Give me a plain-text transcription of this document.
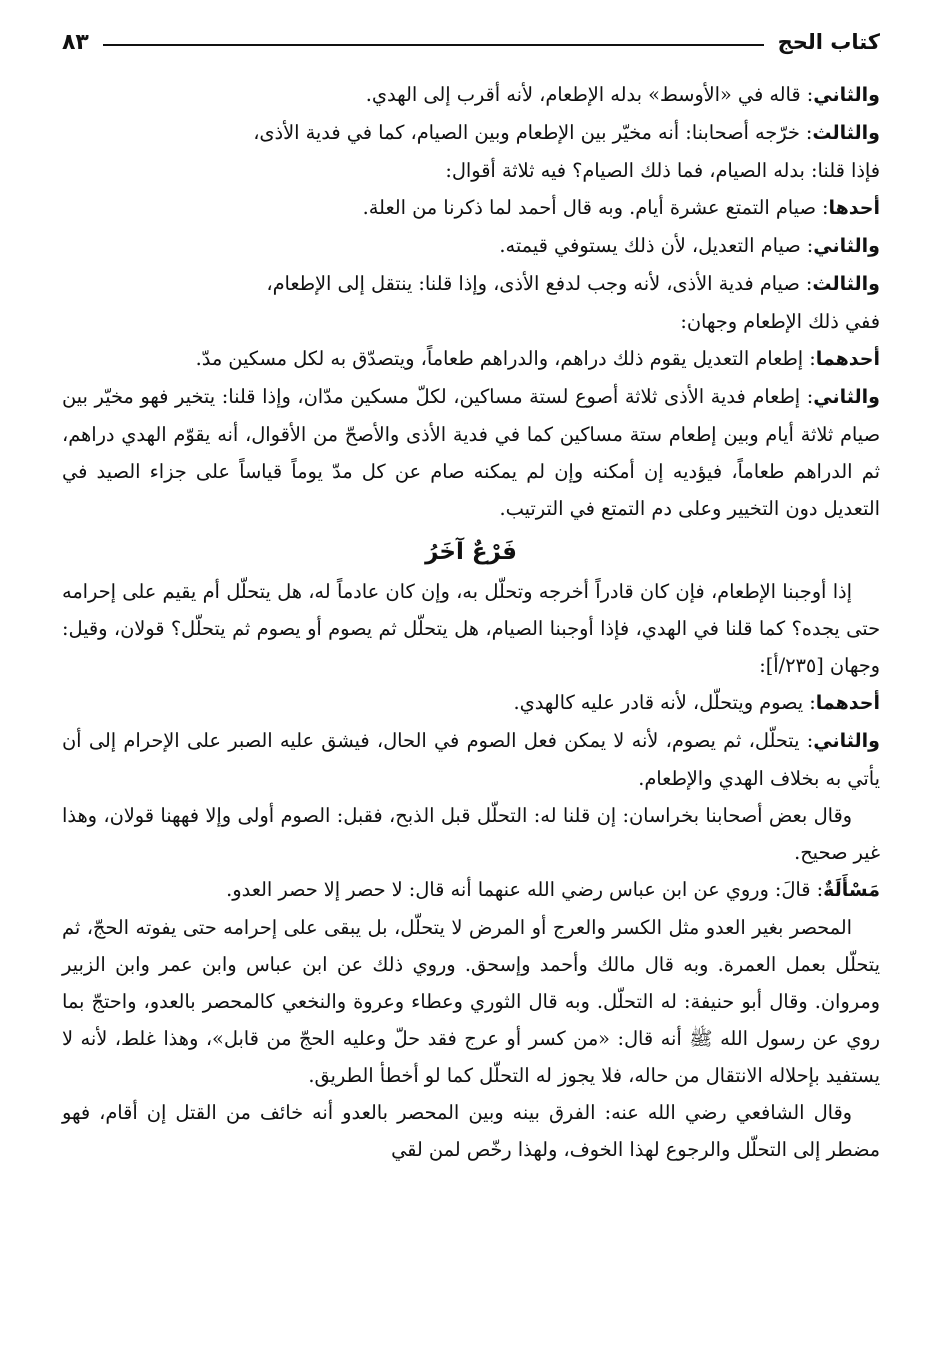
كتاب الحج
٨٣

والثاني: قاله في «الأوسط» بدله الإطعام، لأنه أقرب إلى الهدي.

والثالث: خرّجه أصحابنا: أنه مخيّر بين الإطعام وبين الصيام، كما في فدية الأذى،

فإذا قلنا: بدله الصيام، فما ذلك الصيام؟ فيه ثلاثة أقوال:

أحدها: صيام التمتع عشرة أيام. وبه قال أحمد لما ذكرنا من العلة.

والثاني: صيام التعديل، لأن ذلك يستوفي قيمته.

والثالث: صيام فدية الأذى، لأنه وجب لدفع الأذى، وإذا قلنا: ينتقل إلى الإطعام،

ففي ذلك الإطعام وجهان:

أحدهما: إطعام التعديل يقوم ذلك دراهم، والدراهم طعاماً، ويتصدّق به لكل مسكين مدّ.

والثاني: إطعام فدية الأذى ثلاثة أصوع لستة مساكين، لكلّ مسكين مدّان، وإذا قلنا: يتخير فهو مخيّر بين صيام ثلاثة أيام وبين إطعام ستة مساكين كما في فدية الأذى والأصحّ من الأقوال، أنه يقوّم الهدي دراهم، ثم الدراهم طعاماً، فيؤديه إن أمكنه وإن لم يمكنه صام عن كل مدّ يوماً قياساً على جزاء الصيد في التعديل دون التخيير وعلى دم التمتع في الترتيب.

فَرْعٌ آخَرُ

إذا أوجبنا الإطعام، فإن كان قادراً أخرجه وتحلّل به، وإن كان عادماً له، هل يتحلّل أم يقيم على إحرامه حتى يجده؟ كما قلنا في الهدي، فإذا أوجبنا الصيام، هل يتحلّل ثم يصوم أو يصوم ثم يتحلّل؟ قولان، وقيل: وجهان [٢٣٥/أ]:

أحدهما: يصوم ويتحلّل، لأنه قادر عليه كالهدي.

والثاني: يتحلّل، ثم يصوم، لأنه لا يمكن فعل الصوم في الحال، فيشق عليه الصبر على الإحرام إلى أن يأتي به بخلاف الهدي والإطعام.

وقال بعض أصحابنا بخراسان: إن قلنا له: التحلّل قبل الذبح، فقبل: الصوم أولى وإلا فههنا قولان، وهذا غير صحيح.

مَسْأَلَةٌ: قالَ: وروي عن ابن عباس رضي الله عنهما أنه قال: لا حصر إلا حصر العدو.

المحصر بغير العدو مثل الكسر والعرج أو المرض لا يتحلّل، بل يبقى على إحرامه حتى يفوته الحجّ، ثم يتحلّل بعمل العمرة. وبه قال مالك وأحمد وإسحق. وروي ذلك عن ابن عباس وابن عمر وابن الزبير ومروان. وقال أبو حنيفة: له التحلّل. وبه قال الثوري وعطاء وعروة والنخعي كالمحصر بالعدو، واحتجّ بما روي عن رسول الله ﷺ أنه قال: «من كسر أو عرج فقد حلّ وعليه الحجّ من قابل»، وهذا غلط، لأنه لا يستفيد بإحلاله الانتقال من حاله، فلا يجوز له التحلّل كما لو أخطأ الطريق.

وقال الشافعي رضي الله عنه: الفرق بينه وبين المحصر بالعدو أنه خائف من القتل إن أقام، فهو مضطر إلى التحلّل والرجوع لهذا الخوف، ولهذا رخّص لمن لقي
